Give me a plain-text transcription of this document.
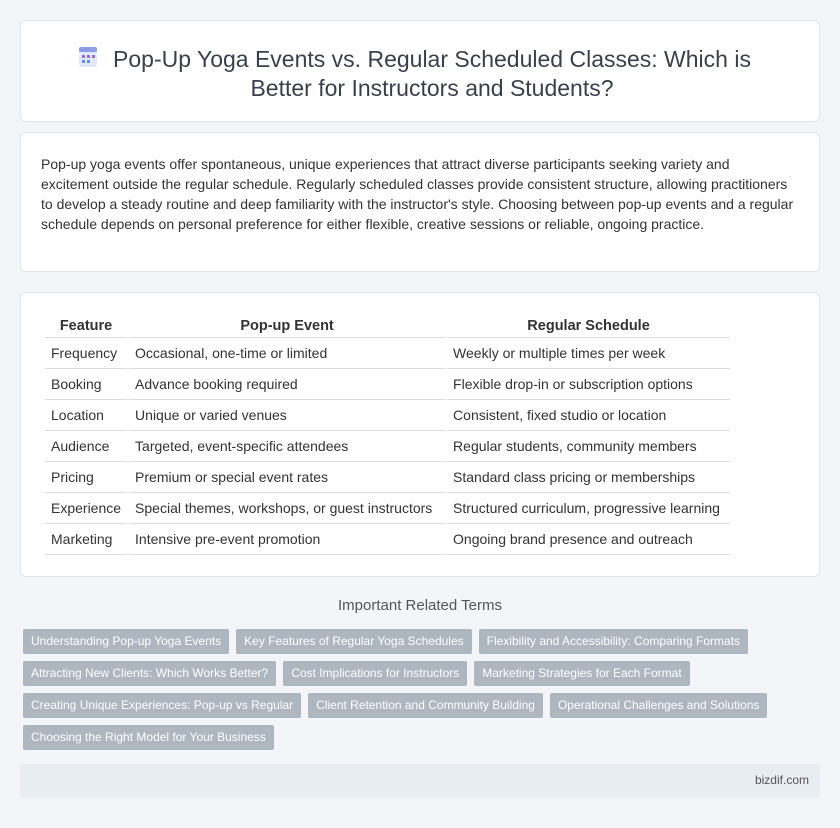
Pop-Up Yoga Events vs. Regular Scheduled Classes: Which is
Better for Instructors and Students?

Pop-up yoga events offer spontaneous, unique experiences that attract diverse participants seeking variety and excitement outside the regular schedule. Regularly scheduled classes provide consistent structure, allowing practitioners to develop a steady routine and deep familiarity with the instructor's style. Choosing between pop-up events and a regular schedule depends on personal preference for either flexible, creative sessions or reliable, ongoing practice.

Feature	Pop-up Event	Regular Schedule
Frequency	Occasional, one-time or limited	Weekly or multiple times per week
Booking	Advance booking required	Flexible drop-in or subscription options
Location	Unique or varied venues	Consistent, fixed studio or location
Audience	Targeted, event-specific attendees	Regular students, community members
Pricing	Premium or special event rates	Standard class pricing or memberships
Experience	Special themes, workshops, or guest instructors	Structured curriculum, progressive learning
Marketing	Intensive pre-event promotion	Ongoing brand presence and outreach
Important Related Terms
Understanding Pop-up Yoga Events	Key Features of Regular Yoga Schedules	Flexibility and Accessibility: Comparing Formats
Attracting New Clients: Which Works Better?	Cost Implications for Instructors	Marketing Strategies for Each Format
Creating Unique Experiences: Pop-up vs Regular	Client Retention and Community Building	Operational Challenges and Solutions
Choosing the Right Model for Your Business
bizdif.com
